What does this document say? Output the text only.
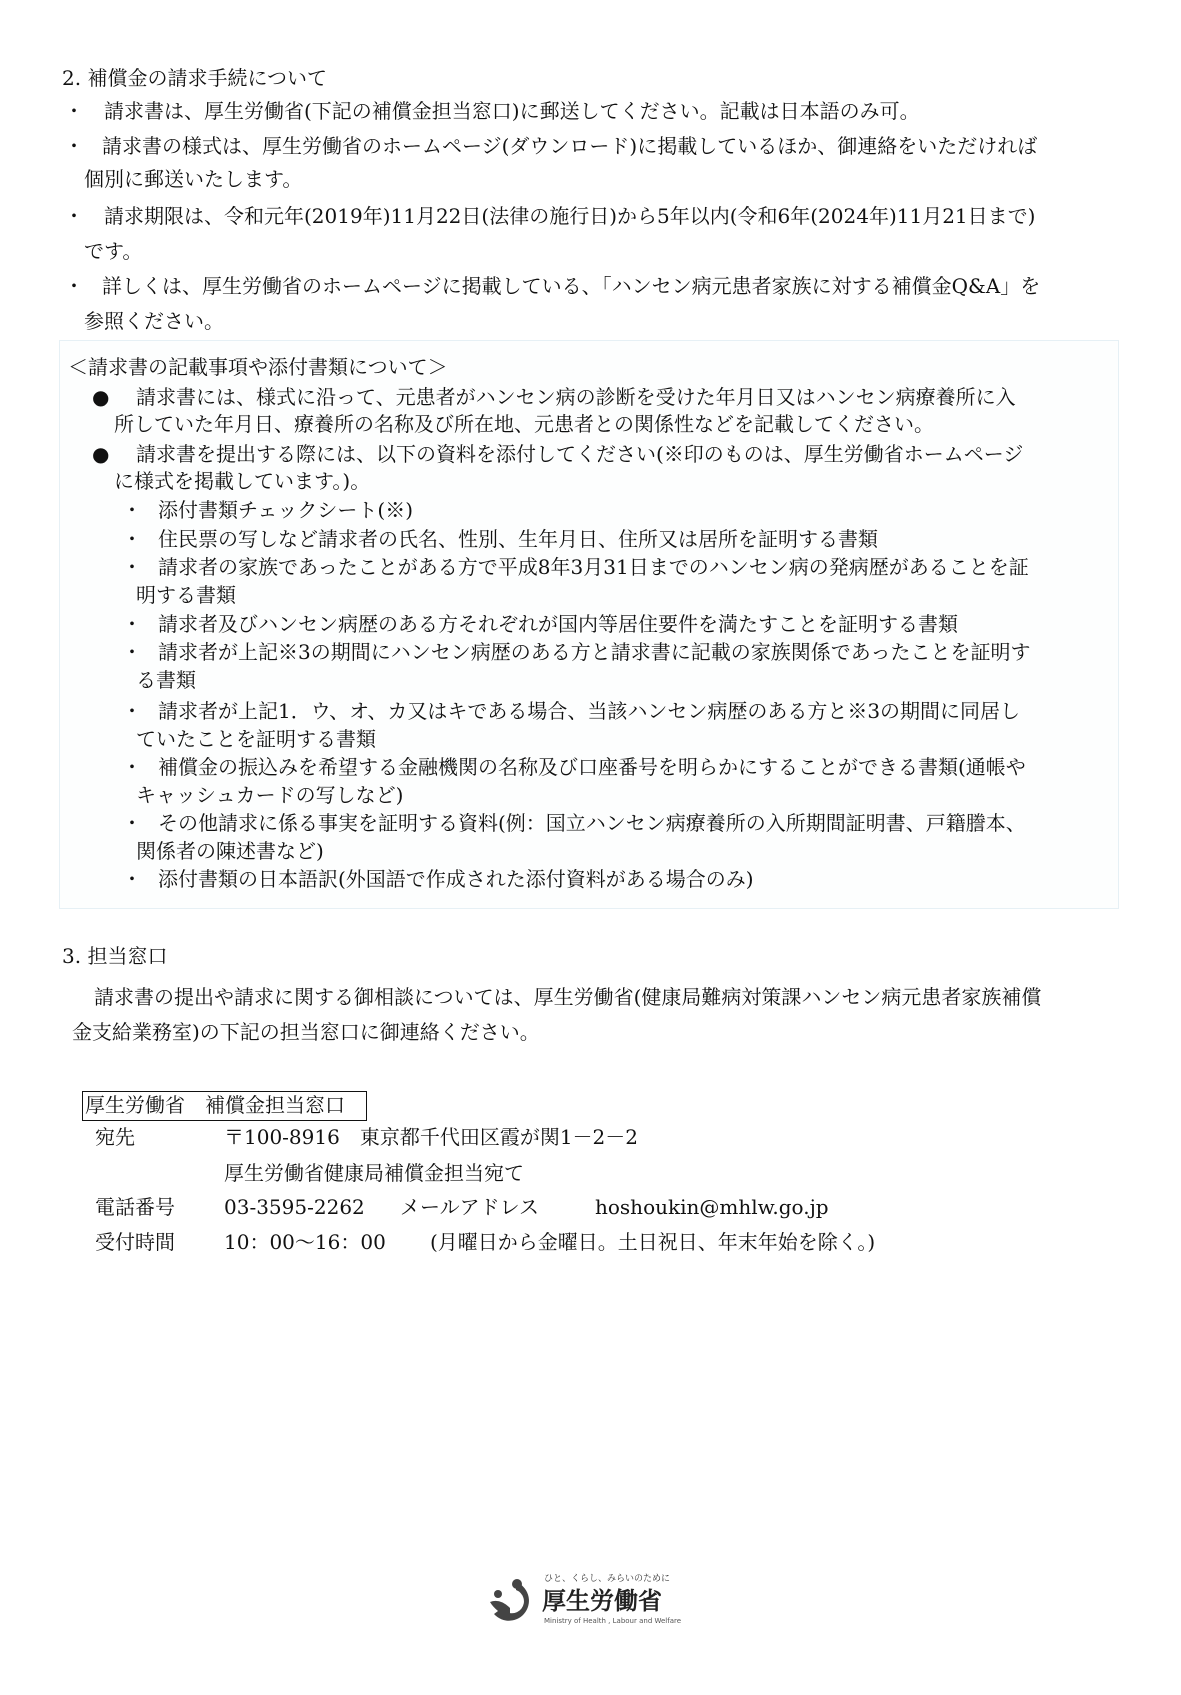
2. 補償金の請求手続について
・ 請求書は、厚生労働省(下記の補償金担当窓口)に郵送してください。記載は日本語のみ可。
・ 請求書の様式は、厚生労働省のホームページ(ダウンロード)に掲載しているほか、御連絡をいただければ
個別に郵送いたします。
・ 請求期限は、令和元年(2019年)11月22日(法律の施行日)から5年以内(令和6年(2024年)11月21日まで)
です。
・ 詳しくは、厚生労働省のホームページに掲載している、「ハンセン病元患者家族に対する補償金Q&A」を
参照ください。
＜請求書の記載事項や添付書類について＞
● 請求書には、様式に沿って、元患者がハンセン病の診断を受けた年月日又はハンセン病療養所に入
所していた年月日、療養所の名称及び所在地、元患者との関係性などを記載してください。
● 請求書を提出する際には、以下の資料を添付してください(※印のものは、厚生労働省ホームページ
に様式を掲載しています。)。
・ 添付書類チェックシート(※)
・ 住民票の写しなど請求者の氏名、性別、生年月日、住所又は居所を証明する書類
・ 請求者の家族であったことがある方で平成8年3月31日までのハンセン病の発病歴があることを証
明する書類
・ 請求者及びハンセン病歴のある方それぞれが国内等居住要件を満たすことを証明する書類
・ 請求者が上記※3の期間にハンセン病歴のある方と請求書に記載の家族関係であったことを証明す
る書類
・ 請求者が上記1．ウ、オ、カ又はキである場合、当該ハンセン病歴のある方と※3の期間に同居し
ていたことを証明する書類
・ 補償金の振込みを希望する金融機関の名称及び口座番号を明らかにすることができる書類(通帳や
キャッシュカードの写しなど)
・ その他請求に係る事実を証明する資料(例：国立ハンセン病療養所の入所期間証明書、戸籍謄本、
関係者の陳述書など)
・ 添付書類の日本語訳(外国語で作成された添付資料がある場合のみ)
3. 担当窓口
請求書の提出や請求に関する御相談については、厚生労働省(健康局難病対策課ハンセン病元患者家族補償
金支給業務室)の下記の担当窓口に御連絡ください。
厚生労働省　補償金担当窓口
宛先	〒100-8916　東京都千代田区霞が関1－2－2
厚生労働省健康局補償金担当宛て
電話番号 03-3595-2262 メールアドレス	hoshoukin@mhlw.go.jp
受付時間 10：00～16：00 (月曜日から金曜日。土日祝日、年末年始を除く。)
ひと、くらし、みらいのために
厚生労働省
Ministry of Health , Labour and Welfare
